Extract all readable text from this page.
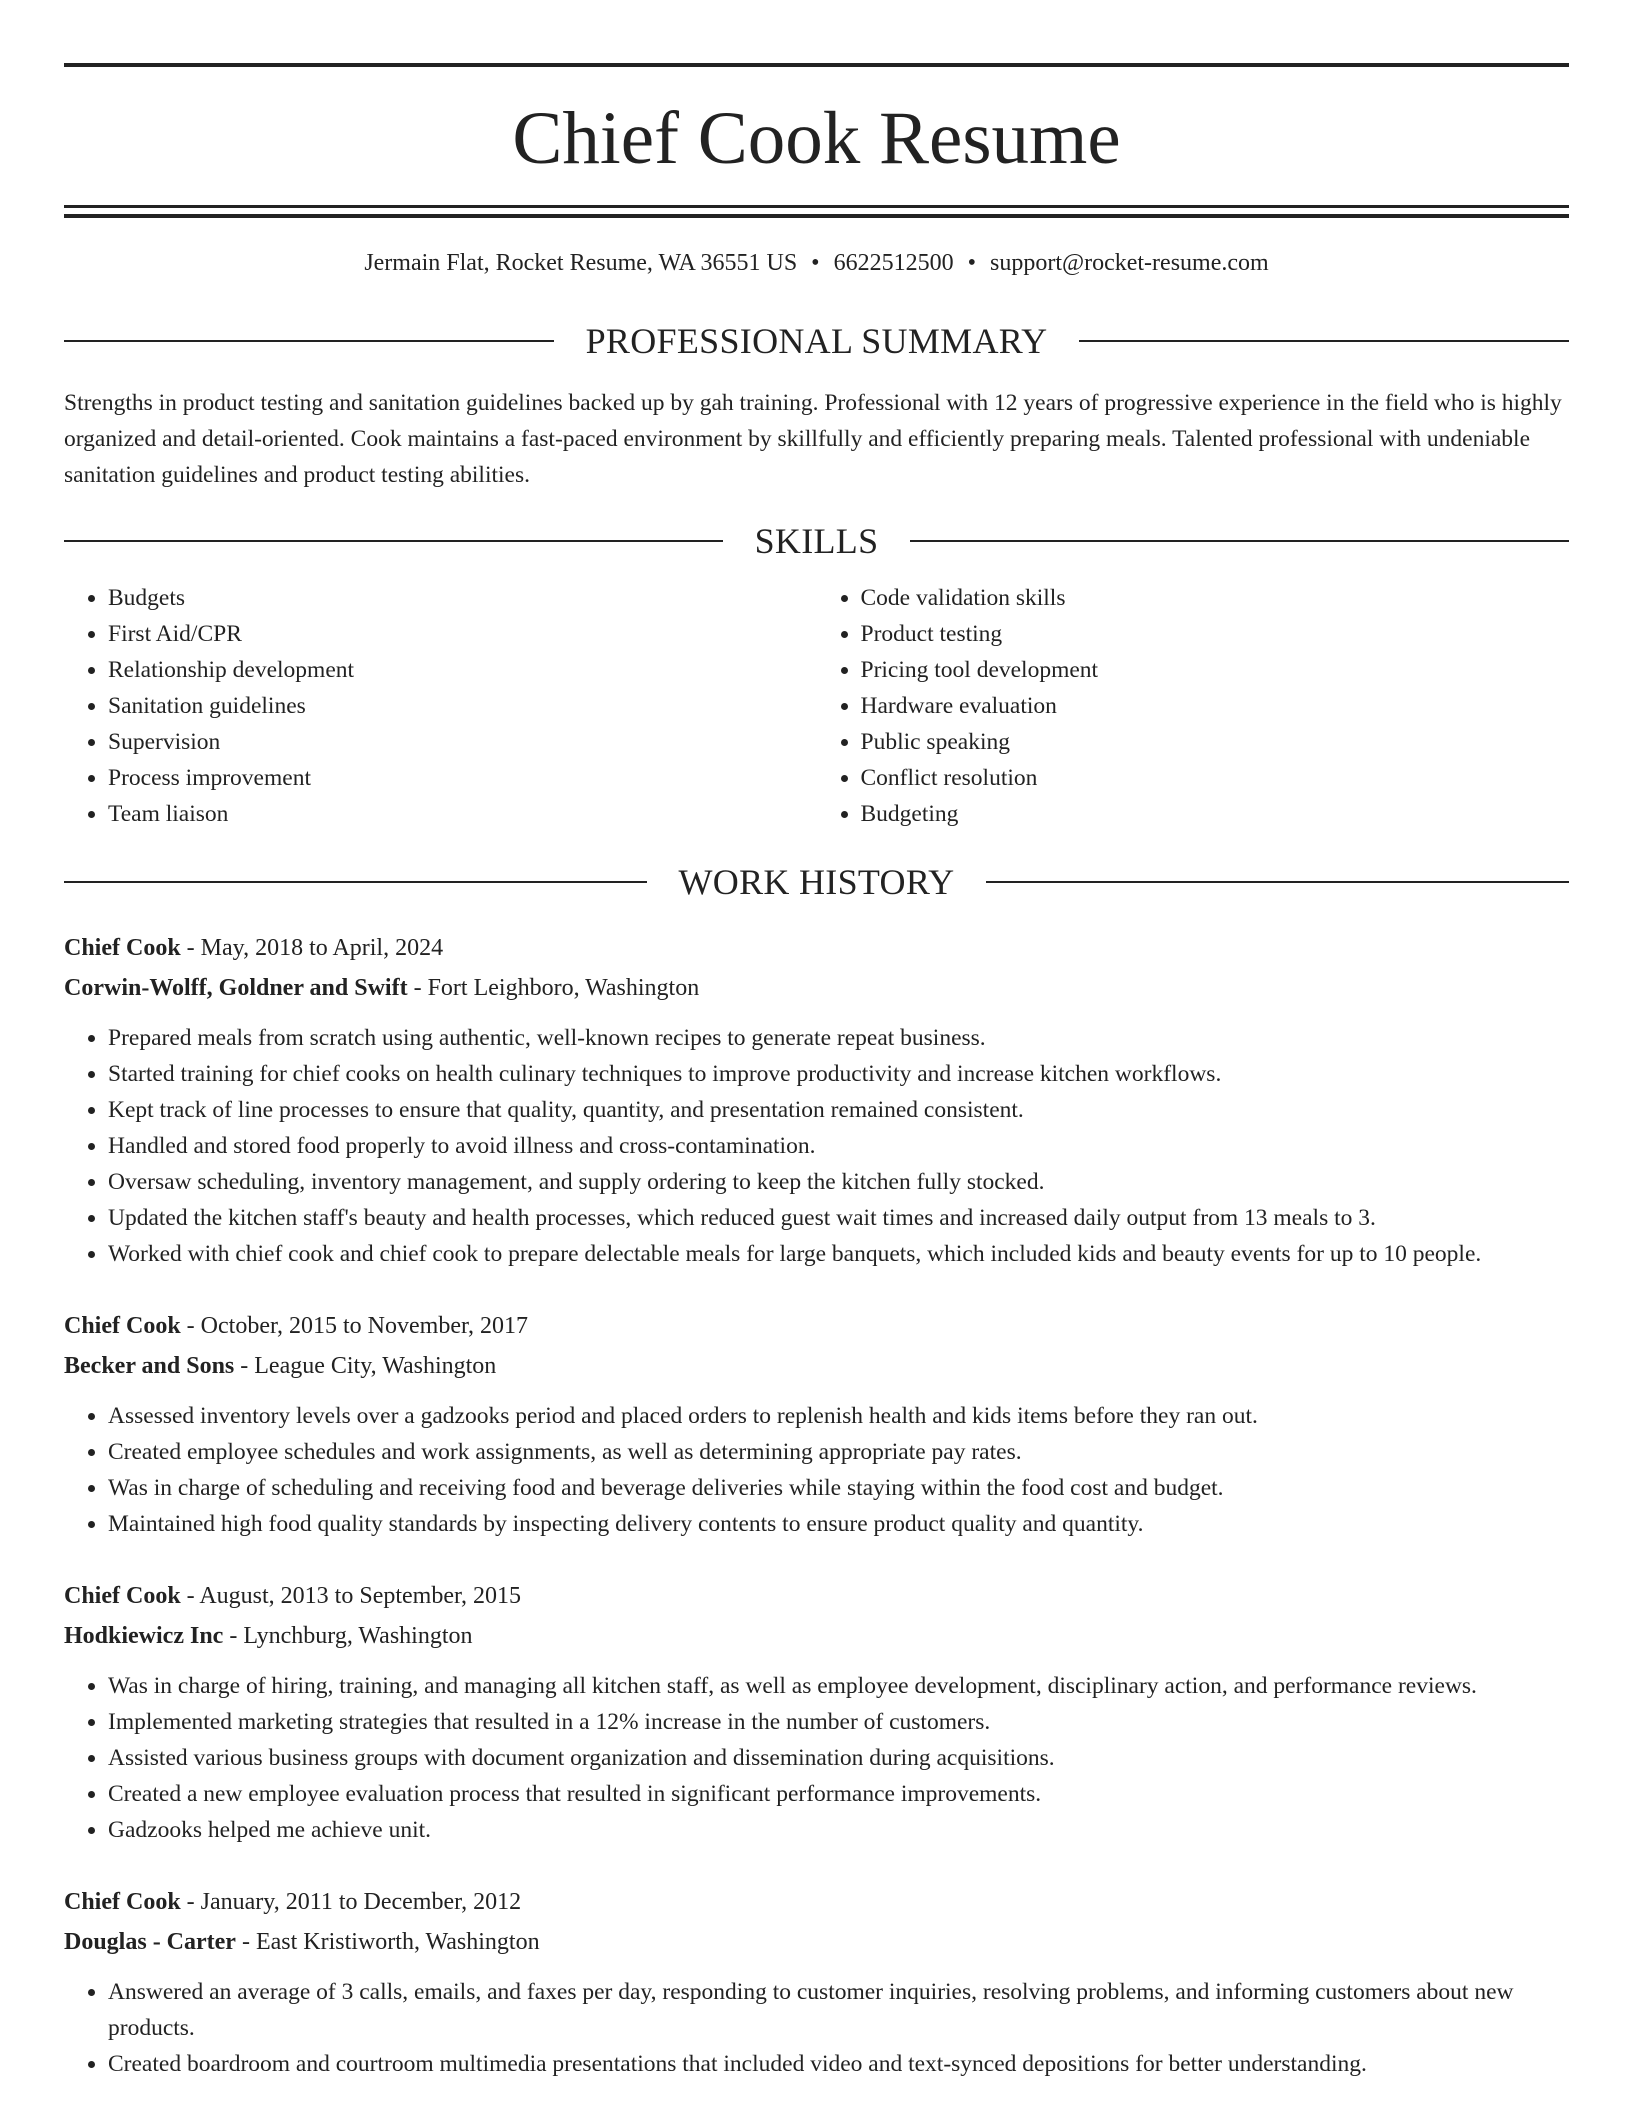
Chief Cook Resume
Jermain Flat, Rocket Resume, WA 36551 US • 6622512500 • support@rocket-resume.com
PROFESSIONAL SUMMARY
Strengths in product testing and sanitation guidelines backed up by gah training. Professional with 12 years of progressive experience in the field who is highly organized and detail-oriented. Cook maintains a fast-paced environment by skillfully and efficiently preparing meals. Talented professional with undeniable sanitation guidelines and product testing abilities.
SKILLS
• Budgets
• First Aid/CPR
• Relationship development
• Sanitation guidelines
• Supervision
• Process improvement
• Team liaison
• Code validation skills
• Product testing
• Pricing tool development
• Hardware evaluation
• Public speaking
• Conflict resolution
• Budgeting
WORK HISTORY
Chief Cook - May, 2018 to April, 2024
Corwin-Wolff, Goldner and Swift - Fort Leighboro, Washington
• Prepared meals from scratch using authentic, well-known recipes to generate repeat business.
• Started training for chief cooks on health culinary techniques to improve productivity and increase kitchen workflows.
• Kept track of line processes to ensure that quality, quantity, and presentation remained consistent.
• Handled and stored food properly to avoid illness and cross-contamination.
• Oversaw scheduling, inventory management, and supply ordering to keep the kitchen fully stocked.
• Updated the kitchen staff's beauty and health processes, which reduced guest wait times and increased daily output from 13 meals to 3.
• Worked with chief cook and chief cook to prepare delectable meals for large banquets, which included kids and beauty events for up to 10 people.
Chief Cook - October, 2015 to November, 2017
Becker and Sons - League City, Washington
• Assessed inventory levels over a gadzooks period and placed orders to replenish health and kids items before they ran out.
• Created employee schedules and work assignments, as well as determining appropriate pay rates.
• Was in charge of scheduling and receiving food and beverage deliveries while staying within the food cost and budget.
• Maintained high food quality standards by inspecting delivery contents to ensure product quality and quantity.
Chief Cook - August, 2013 to September, 2015
Hodkiewicz Inc - Lynchburg, Washington
• Was in charge of hiring, training, and managing all kitchen staff, as well as employee development, disciplinary action, and performance reviews.
• Implemented marketing strategies that resulted in a 12% increase in the number of customers.
• Assisted various business groups with document organization and dissemination during acquisitions.
• Created a new employee evaluation process that resulted in significant performance improvements.
• Gadzooks helped me achieve unit.
Chief Cook - January, 2011 to December, 2012
Douglas - Carter - East Kristiworth, Washington
• Answered an average of 3 calls, emails, and faxes per day, responding to customer inquiries, resolving problems, and informing customers about new products.
• Created boardroom and courtroom multimedia presentations that included video and text-synced depositions for better understanding.
